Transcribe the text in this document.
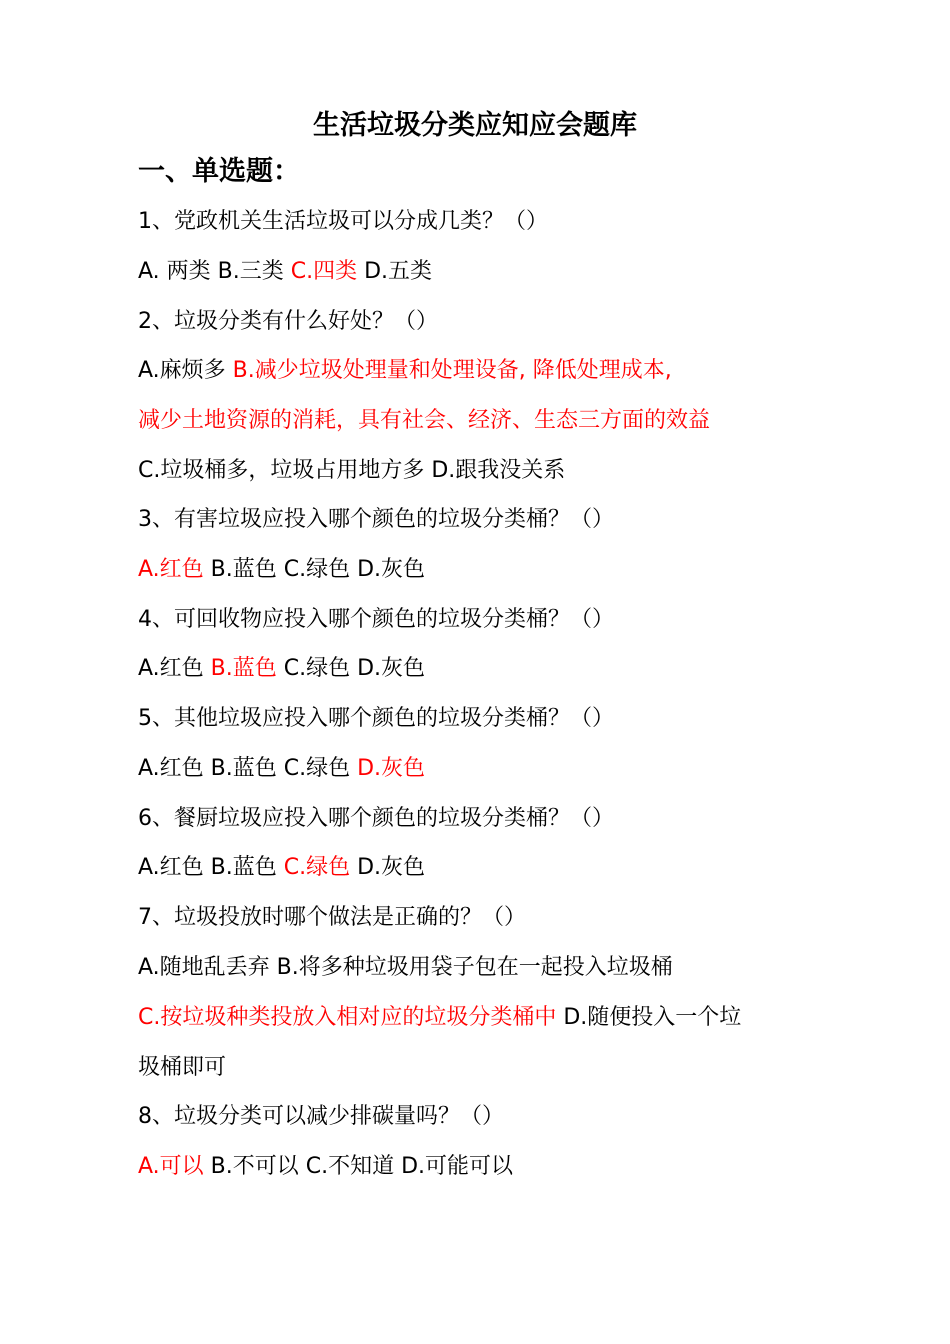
生活垃圾分类应知应会题库
一、单选题：
1、党政机关生活垃圾可以分成几类？（）
A. 两类 B.三类 C.四类 D.五类
2、垃圾分类有什么好处？（）
A.麻烦多 B.减少垃圾处理量和处理设备, 降低处理成本,
减少土地资源的消耗，具有社会、经济、生态三方面的效益
C.垃圾桶多，垃圾占用地方多 D.跟我没关系
3、有害垃圾应投入哪个颜色的垃圾分类桶？（）
A.红色 B.蓝色 C.绿色 D.灰色
4、可回收物应投入哪个颜色的垃圾分类桶？（）
A.红色 B.蓝色 C.绿色 D.灰色
5、其他垃圾应投入哪个颜色的垃圾分类桶？（）
A.红色 B.蓝色 C.绿色 D.灰色
6、餐厨垃圾应投入哪个颜色的垃圾分类桶？（）
A.红色 B.蓝色 C.绿色 D.灰色
7、垃圾投放时哪个做法是正确的？（）
A.随地乱丢弃 B.将多种垃圾用袋子包在一起投入垃圾桶
C.按垃圾种类投放入相对应的垃圾分类桶中 D.随便投入一个垃
圾桶即可
8、垃圾分类可以减少排碳量吗？（）
A.可以 B.不可以 C.不知道 D.可能可以
